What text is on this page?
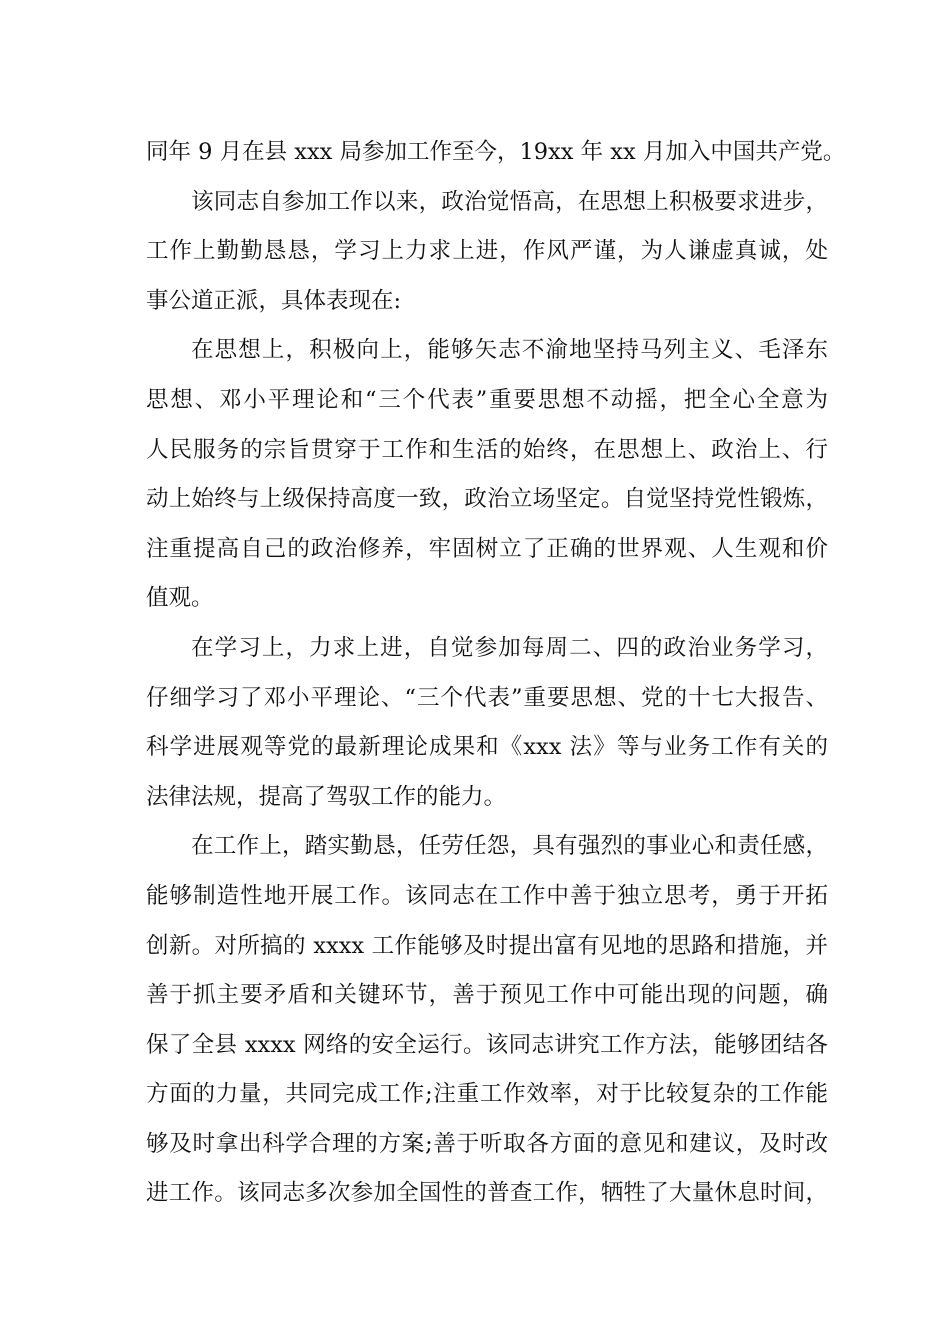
同年 9 月在县 xxx 局参加工作至今，19xx 年 xx 月加入中国共产党。
该同志自参加工作以来，政治觉悟高，在思想上积极要求进步，
工作上勤勤恳恳，学习上力求上进，作风严谨，为人谦虚真诚，处
事公道正派，具体表现在:
在思想上，积极向上，能够矢志不渝地坚持马列主义、毛泽东
思想、邓小平理论和“三个代表”重要思想不动摇，把全心全意为
人民服务的宗旨贯穿于工作和生活的始终，在思想上、政治上、行
动上始终与上级保持高度一致，政治立场坚定。自觉坚持党性锻炼，
注重提高自己的政治修养，牢固树立了正确的世界观、人生观和价
值观。
在学习上，力求上进，自觉参加每周二、四的政治业务学习，
仔细学习了邓小平理论、“三个代表”重要思想、党的十七大报告、
科学进展观等党的最新理论成果和《xxx 法》等与业务工作有关的
法律法规，提高了驾驭工作的能力。
在工作上，踏实勤恳，任劳任怨，具有强烈的事业心和责任感，
能够制造性地开展工作。该同志在工作中善于独立思考，勇于开拓
创新。对所搞的 xxxx 工作能够及时提出富有见地的思路和措施，并
善于抓主要矛盾和关键环节，善于预见工作中可能出现的问题，确
保了全县 xxxx 网络的安全运行。该同志讲究工作方法，能够团结各
方面的力量，共同完成工作;注重工作效率，对于比较复杂的工作能
够及时拿出科学合理的方案;善于听取各方面的意见和建议，及时改
进工作。该同志多次参加全国性的普查工作，牺牲了大量休息时间，
